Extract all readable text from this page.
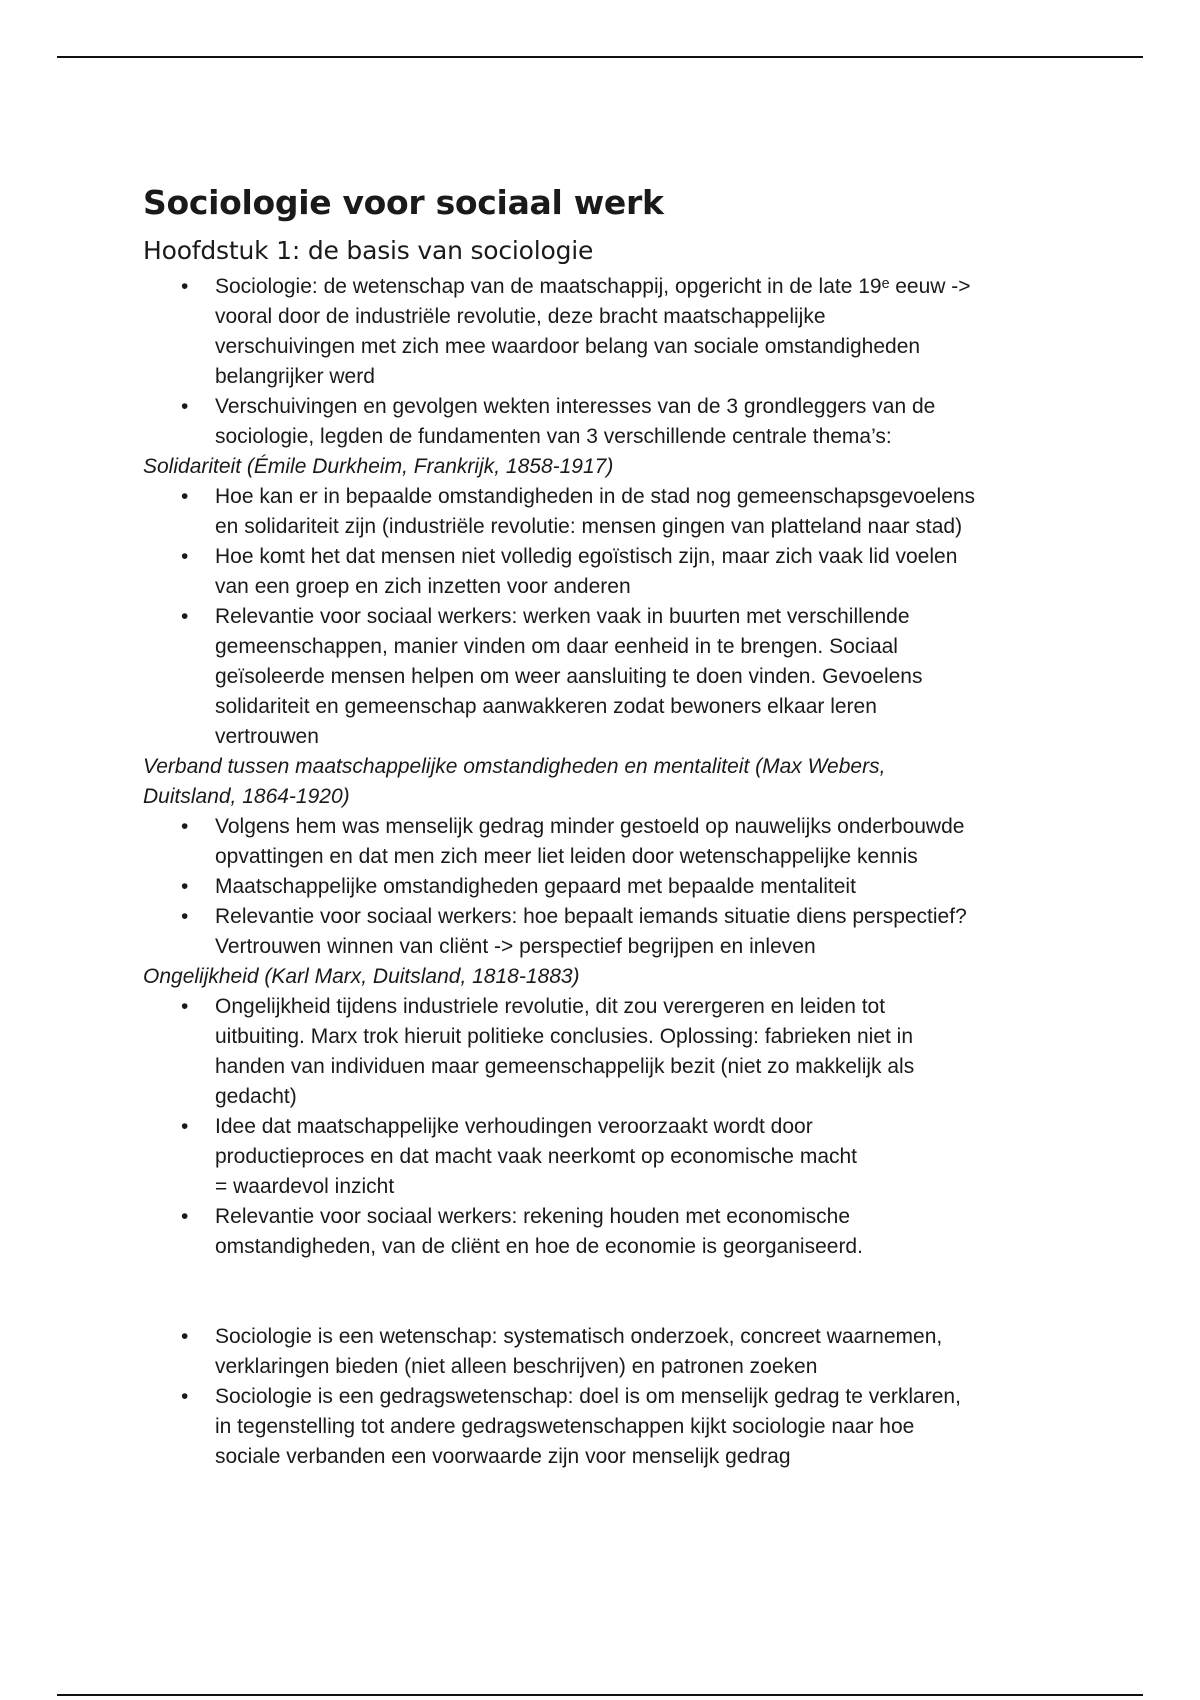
Sociologie voor sociaal werk
Hoofdstuk 1: de basis van sociologie
• Sociologie: de wetenschap van de maatschappij, opgericht in de late 19ᵉ eeuw ->
vooral door de industriële revolutie, deze bracht maatschappelijke
verschuivingen met zich mee waardoor belang van sociale omstandigheden
belangrijker werd
• Verschuivingen en gevolgen wekten interesses van de 3 grondleggers van de
sociologie, legden de fundamenten van 3 verschillende centrale thema’s:

Solidariteit (Émile Durkheim, Frankrijk, 1858-1917)

• Hoe kan er in bepaalde omstandigheden in de stad nog gemeenschapsgevoelens
en solidariteit zijn (industriële revolutie: mensen gingen van platteland naar stad)
• Hoe komt het dat mensen niet volledig egoïstisch zijn, maar zich vaak lid voelen
van een groep en zich inzetten voor anderen
• Relevantie voor sociaal werkers: werken vaak in buurten met verschillende
gemeenschappen, manier vinden om daar eenheid in te brengen. Sociaal
geïsoleerde mensen helpen om weer aansluiting te doen vinden. Gevoelens
solidariteit en gemeenschap aanwakkeren zodat bewoners elkaar leren
vertrouwen

Verband tussen maatschappelijke omstandigheden en mentaliteit (Max Webers,
Duitsland, 1864-1920)

• Volgens hem was menselijk gedrag minder gestoeld op nauwelijks onderbouwde
opvattingen en dat men zich meer liet leiden door wetenschappelijke kennis
• Maatschappelijke omstandigheden gepaard met bepaalde mentaliteit
• Relevantie voor sociaal werkers: hoe bepaalt iemands situatie diens perspectief?
Vertrouwen winnen van cliënt -> perspectief begrijpen en inleven

Ongelijkheid (Karl Marx, Duitsland, 1818-1883)

• Ongelijkheid tijdens industriele revolutie, dit zou verergeren en leiden tot
uitbuiting. Marx trok hieruit politieke conclusies. Oplossing: fabrieken niet in
handen van individuen maar gemeenschappelijk bezit (niet zo makkelijk als
gedacht)
• Idee dat maatschappelijke verhoudingen veroorzaakt wordt door
productieproces en dat macht vaak neerkomt op economische macht
= waardevol inzicht
• Relevantie voor sociaal werkers: rekening houden met economische
omstandigheden, van de cliënt en hoe de economie is georganiseerd.
• Sociologie is een wetenschap: systematisch onderzoek, concreet waarnemen,
verklaringen bieden (niet alleen beschrijven) en patronen zoeken
• Sociologie is een gedragswetenschap: doel is om menselijk gedrag te verklaren,
in tegenstelling tot andere gedragswetenschappen kijkt sociologie naar hoe
sociale verbanden een voorwaarde zijn voor menselijk gedrag
